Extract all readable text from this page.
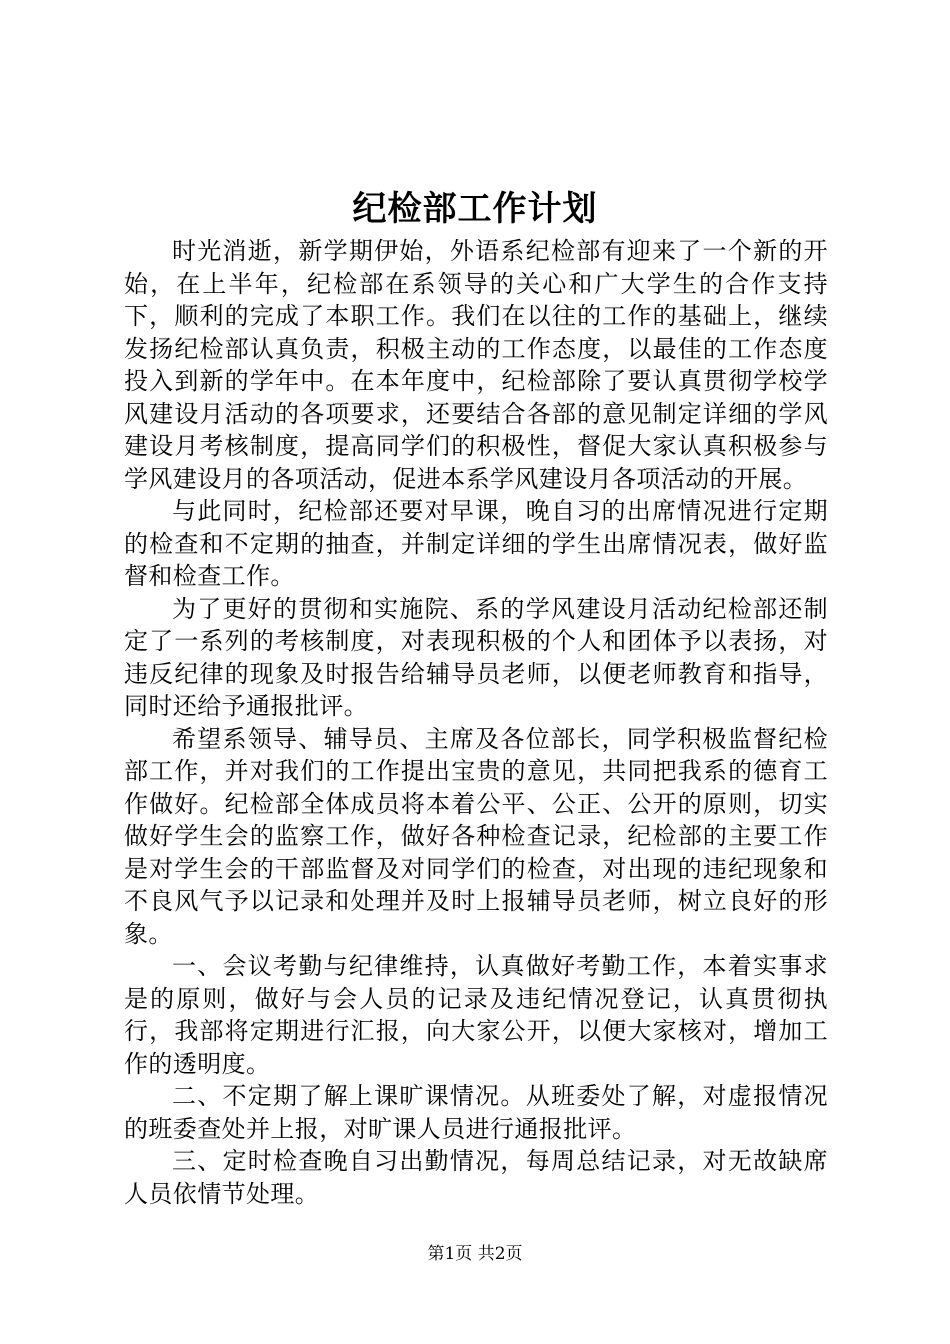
纪检部工作计划

时光消逝，新学期伊始，外语系纪检部有迎来了一个新的开始，在上半年，纪检部在系领导的关心和广大学生的合作支持下，顺利的完成了本职工作。我们在以往的工作的基础上，继续发扬纪检部认真负责，积极主动的工作态度，以最佳的工作态度投入到新的学年中。在本年度中，纪检部除了要认真贯彻学校学风建设月活动的各项要求，还要结合各部的意见制定详细的学风建设月考核制度，提高同学们的积极性，督促大家认真积极参与学风建设月的各项活动，促进本系学风建设月各项活动的开展。

与此同时，纪检部还要对早课，晚自习的出席情况进行定期的检查和不定期的抽查，并制定详细的学生出席情况表，做好监督和检查工作。

为了更好的贯彻和实施院、系的学风建设月活动纪检部还制定了一系列的考核制度，对表现积极的个人和团体予以表扬，对违反纪律的现象及时报告给辅导员老师，以便老师教育和指导，同时还给予通报批评。

希望系领导、辅导员、主席及各位部长，同学积极监督纪检部工作，并对我们的工作提出宝贵的意见，共同把我系的德育工作做好。纪检部全体成员将本着公平、公正、公开的原则，切实做好学生会的监察工作，做好各种检查记录，纪检部的主要工作是对学生会的干部监督及对同学们的检查，对出现的违纪现象和不良风气予以记录和处理并及时上报辅导员老师，树立良好的形象。

一、会议考勤与纪律维持，认真做好考勤工作，本着实事求是的原则，做好与会人员的记录及违纪情况登记，认真贯彻执行，我部将定期进行汇报，向大家公开，以便大家核对，增加工作的透明度。

二、不定期了解上课旷课情况。从班委处了解，对虚报情况的班委查处并上报，对旷课人员进行通报批评。

三、定时检查晚自习出勤情况，每周总结记录，对无故缺席人员依情节处理。

第1页 共2页
